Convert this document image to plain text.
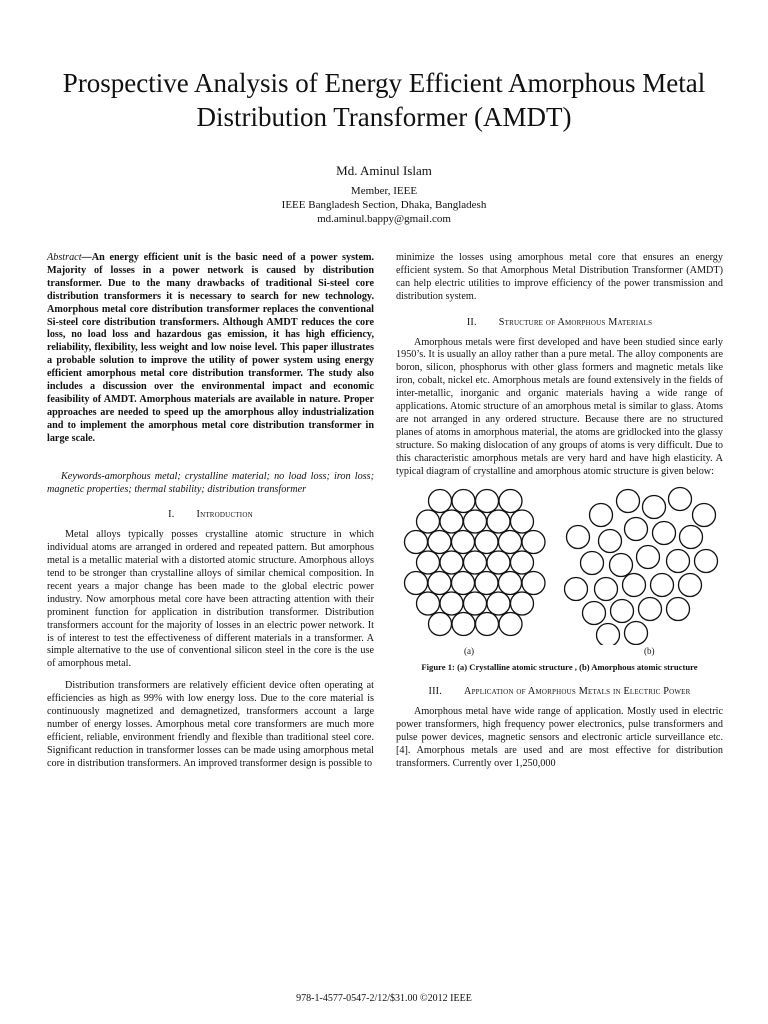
Prospective Analysis of Energy Efficient Amorphous Metal Distribution Transformer (AMDT)
Md. Aminul Islam
Member, IEEE
IEEE Bangladesh Section, Dhaka, Bangladesh
md.aminul.bappy@gmail.com

Abstract—An energy efficient unit is the basic need of a power system. Majority of losses in a power network is caused by distribution transformer. Due to the many drawbacks of traditional Si-steel core distribution transformers it is necessary to search for new technology. Amorphous metal core distribution transformer replaces the conventional Si-steel core distribution transformers. Although AMDT reduces the core loss, no load loss and hazardous gas emission, it has high efficiency, reliability, flexibility, less weight and low noise level. This paper illustrates a probable solution to improve the utility of power system using energy efficient amorphous metal core distribution transformer. The study also includes a discussion over the environmental impact and economic feasibility of AMDT. Amorphous materials are available in nature. Proper approaches are needed to speed up the amorphous alloy industrialization and to implement the amorphous metal core distribution transformer in large scale.

Keywords-amorphous metal; crystalline material; no load loss; iron loss; magnetic properties; thermal stability; distribution transformer

I. Introduction

Metal alloys typically posses crystalline atomic structure in which individual atoms are arranged in ordered and repeated pattern. But amorphous metal is a metallic material with a distorted atomic structure. Amorphous alloys tend to be stronger than crystalline alloys of similar chemical composition. In recent years a major change has been made to the global electric power industry. Now amorphous metal core have been attracting attention with their prominent function for application in distribution transformer. Distribution transformers account for the majority of losses in an electric power network. It is of interest to test the effectiveness of different materials in a transformer. A simple alternative to the use of conventional silicon steel in the core is the use of amorphous metal.

Distribution transformers are relatively efficient device often operating at efficiencies as high as 99% with low energy loss. Due to the core material is continuously magnetized and demagnetized, transformers account a large number of energy losses. Amorphous metal core transformers are much more efficient, reliable, environment friendly and flexible than traditional steel core. Significant reduction in transformer losses can be made using amorphous metal core in distribution transformers. An improved transformer design is possible to

minimize the losses using amorphous metal core that ensures an energy efficient system. So that Amorphous Metal Distribution Transformer (AMDT) can help electric utilities to improve efficiency of the power transmission and distribution system.

II. Structure of Amorphous Materials

Amorphous metals were first developed and have been studied since early 1950’s. It is usually an alloy rather than a pure metal. The alloy components are boron, silicon, phosphorus with other glass formers and magnetic metals like iron, cobalt, nickel etc. Amorphous metals are found extensively in the fields of inter-metallic, inorganic and organic materials having a wide range of applications. Atomic structure of an amorphous metal is similar to glass. Atoms are not arranged in any ordered structure. Because there are no structured planes of atoms in amorphous material, the atoms are gridlocked into the glassy structure. So making dislocation of any groups of atoms is very difficult. Due to this characteristic amorphous metals are very hard and have high elasticity. A typical diagram of crystalline and amorphous atomic structure is given below:

(a)	(b)
Figure 1: (a) Crystalline atomic structure , (b) Amorphous atomic structure
III. Application of Amorphous Metals in Electric Power

Amorphous metal have wide range of application. Mostly used in electric power transformers, high frequency power electronics, pulse transformers and pulse power devices, magnetic sensors and electronic article surveillance etc. [4]. Amorphous metals are used and are most effective for distribution transformers. Currently over 1,250,000

978-1-4577-0547-2/12/$31.00 ©2012 IEEE
